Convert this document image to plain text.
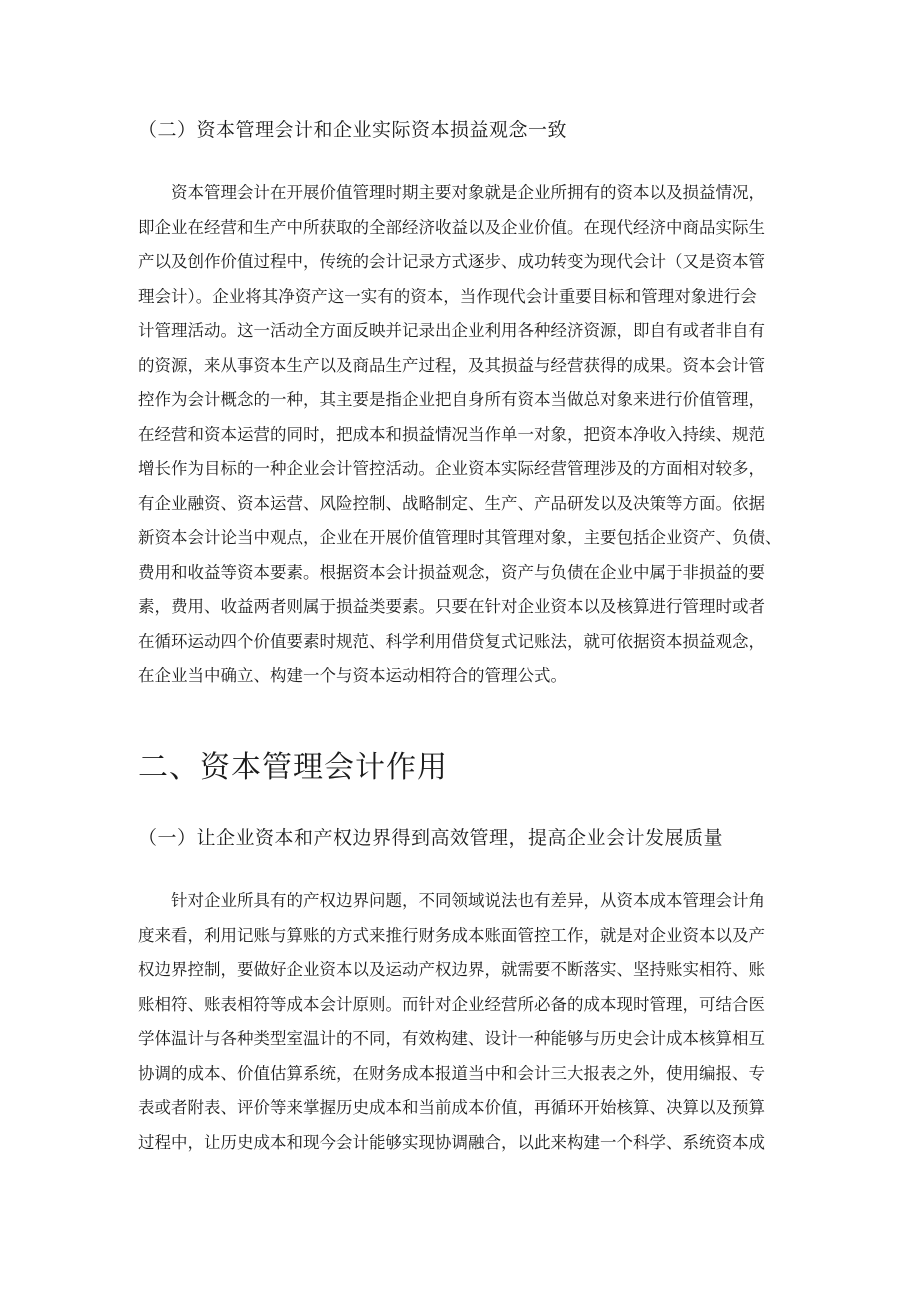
（二）资本管理会计和企业实际资本损益观念一致
资本管理会计在开展价值管理时期主要对象就是企业所拥有的资本以及损益情况，
即企业在经营和生产中所获取的全部经济收益以及企业价值。在现代经济中商品实际生
产以及创作价值过程中，传统的会计记录方式逐步、成功转变为现代会计（又是资本管
理会计）。企业将其净资产这一实有的资本，当作现代会计重要目标和管理对象进行会
计管理活动。这一活动全方面反映并记录出企业利用各种经济资源，即自有或者非自有
的资源，来从事资本生产以及商品生产过程，及其损益与经营获得的成果。资本会计管
控作为会计概念的一种，其主要是指企业把自身所有资本当做总对象来进行价值管理，
在经营和资本运营的同时，把成本和损益情况当作单一对象，把资本净收入持续、规范
增长作为目标的一种企业会计管控活动。企业资本实际经营管理涉及的方面相对较多，
有企业融资、资本运营、风险控制、战略制定、生产、产品研发以及决策等方面。依据
新资本会计论当中观点，企业在开展价值管理时其管理对象，主要包括企业资产、负债、
费用和收益等资本要素。根据资本会计损益观念，资产与负债在企业中属于非损益的要
素，费用、收益两者则属于损益类要素。只要在针对企业资本以及核算进行管理时或者
在循环运动四个价值要素时规范、科学利用借贷复式记账法，就可依据资本损益观念，
在企业当中确立、构建一个与资本运动相符合的管理公式。
二、资本管理会计作用
（一）让企业资本和产权边界得到高效管理，提高企业会计发展质量
针对企业所具有的产权边界问题，不同领域说法也有差异，从资本成本管理会计角
度来看，利用记账与算账的方式来推行财务成本账面管控工作，就是对企业资本以及产
权边界控制，要做好企业资本以及运动产权边界，就需要不断落实、坚持账实相符、账
账相符、账表相符等成本会计原则。而针对企业经营所必备的成本现时管理，可结合医
学体温计与各种类型室温计的不同，有效构建、设计一种能够与历史会计成本核算相互
协调的成本、价值估算系统，在财务成本报道当中和会计三大报表之外，使用编报、专
表或者附表、评价等来掌握历史成本和当前成本价值，再循环开始核算、决算以及预算
过程中，让历史成本和现今会计能够实现协调融合，以此来构建一个科学、系统资本成
